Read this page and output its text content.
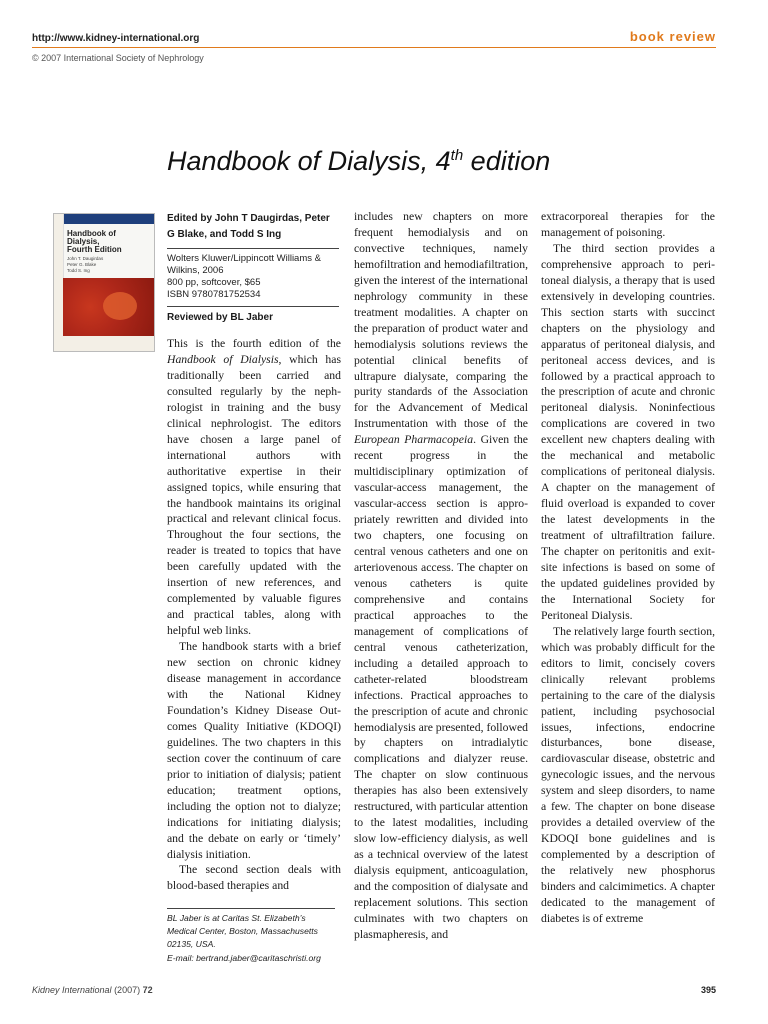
http://www.kidney-international.org	book review
© 2007 International Society of Nephrology
Handbook of Dialysis, 4th edition
Handbook of
Dialysis,
Fourth Edition
John T. Daugirdas
Peter G. Blake
Todd S. Ing
Edited by John T Daugirdas, Peter G Blake, and Todd S Ing
Wolters Kluwer/Lippincott Williams & Wilkins, 2006
800 pp, softcover, $65
ISBN 9780781752534
Reviewed by BL Jaber

This is the fourth edition of the Handbook of Dialysis, which has traditionally been carried and consulted regularly by the nephrologist in training and the busy clinical nephrologist. The editors have chosen a large panel of international authors with authoritative expertise in their assigned topics, while ensuring that the handbook maintains its original practical and relevant clinical focus. Throughout the four sections, the reader is treated to topics that have been carefully updated with the insertion of new references, and complemented by valuable figures and practical tables, along with helpful web links.

The handbook starts with a brief new section on chronic kidney disease management in accordance with the National Kidney Foundation’s Kidney Disease Outcomes Quality Initiative (KDOQI) guidelines. The two chapters in this section cover the continuum of care prior to initiation of dialysis; patient education; treatment options, including the option not to dialyze; indications for initiating dialysis; and the debate on early or ‘timely’ dialysis initiation.

The second section deals with blood-based therapies and

BL Jaber is at Caritas St. Elizabeth’s
Medical Center, Boston, Massachusetts
02135, USA.
E-mail: bertrand.jaber@caritaschristi.org

includes new chapters on more frequent hemodialysis and on convective techniques, namely hemofiltration and hemodiafiltration, given the interest of the international nephrology community in these treatment modalities. A chapter on the preparation of product water and hemodialysis solutions reviews the potential clinical benefits of ultrapure dialysate, comparing the purity standards of the Association for the Advancement of Medical Instrumentation with those of the European Pharmacopeia. Given the recent progress in the multidisciplinary optimization of vascular-access management, the vascular-access section is appropriately rewritten and divided into two chapters, one focusing on central venous catheters and one on arteriovenous access. The chapter on venous catheters is quite comprehensive and contains practical approaches to the management of complications of central venous catheterization, including a detailed approach to catheter-related bloodstream infections. Practical approaches to the prescription of acute and chronic hemodialysis are presented, followed by chapters on intradialytic complications and dialyzer reuse. The chapter on slow continuous therapies has also been extensively restructured, with particular attention to the latest modalities, including slow low-efficiency dialysis, as well as a technical overview of the latest dialysis equipment, anticoagulation, and the composition of dialysate and replacement solutions. This section culminates with two chapters on plasmapheresis, and

extracorporeal therapies for the management of poisoning.

The third section provides a comprehensive approach to peritoneal dialysis, a therapy that is used extensively in developing countries. This section starts with succinct chapters on the physiology and apparatus of peritoneal dialysis, and peritoneal access devices, and is followed by a practical approach to the prescription of acute and chronic peritoneal dialysis. Noninfectious complications are covered in two excellent new chapters dealing with the mechanical and metabolic complications of peritoneal dialysis. A chapter on the management of fluid overload is expanded to cover the latest developments in the treatment of ultrafiltration failure. The chapter on peritonitis and exit-site infections is based on some of the updated guidelines provided by the International Society for Peritoneal Dialysis.

The relatively large fourth section, which was probably difficult for the editors to limit, concisely covers clinically relevant problems pertaining to the care of the dialysis patient, including psychosocial issues, infections, endocrine disturbances, bone disease, cardiovascular disease, obstetric and gynecologic issues, and the nervous system and sleep disorders, to name a few. The chapter on bone disease provides a detailed overview of the KDOQI bone guidelines and is complemented by a description of the relatively new phosphorus binders and calcimimetics. A chapter dedicated to the management of diabetes is of extreme

Kidney International (2007) 72	395
